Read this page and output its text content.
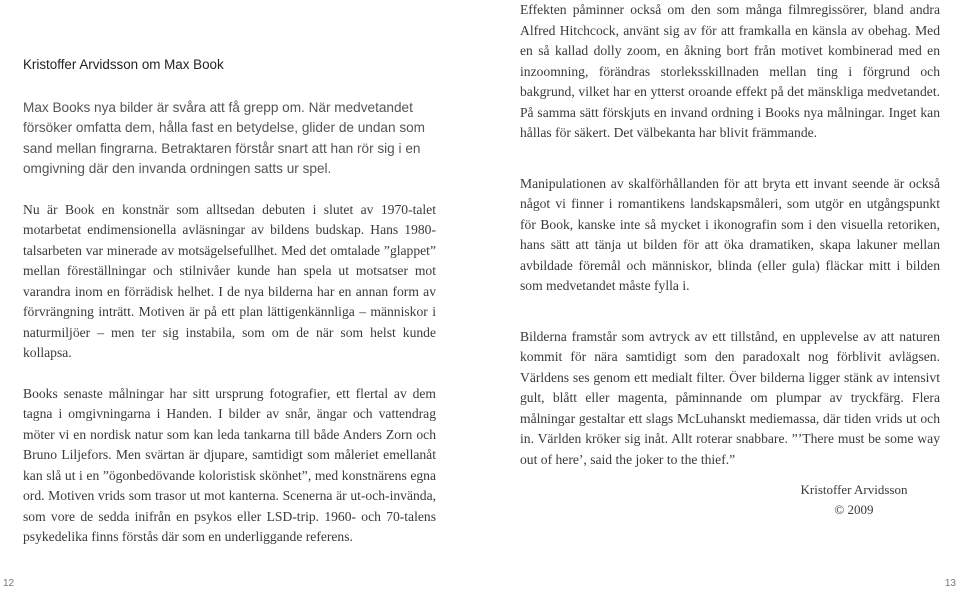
Kristoffer Arvidsson om Max Book

Max Books nya bilder är svåra att få grepp om. När medvetandet försöker omfatta dem, hålla fast en betydelse, glider de undan som sand mellan fingrarna. Betraktaren förstår snart att han rör sig i en omgivning där den invanda ordningen satts ur spel.

Nu är Book en konstnär som alltsedan debuten i slutet av 1970-talet motarbetat endimensionella avläsningar av bildens budskap. Hans 1980-talsarbeten var minerade av motsägelsefullhet. Med det omtalade ”glappet” mellan föreställningar och stilnivåer kunde han spela ut motsatser mot varandra inom en förrädisk helhet. I de nya bilderna har en annan form av förvrängning inträtt. Motiven är på ett plan lättigenkännliga – människor i naturmiljöer – men ter sig instabila, som om de när som helst kunde kollapsa.

Books senaste målningar har sitt ursprung fotografier, ett flertal av dem tagna i omgivningarna i Handen. I bilder av snår, ängar och vattendrag möter vi en nordisk natur som kan leda tankarna till både Anders Zorn och Bruno Liljefors. Men svärtan är djupare, samtidigt som måleriet emellanåt kan slå ut i en ”ögonbedövande koloristisk skönhet”, med konstnärens egna ord. Motiven vrids som trasor ut mot kanterna. Scenerna är ut-och-invända, som vore de sedda inifrån en psykos eller LSD-trip. 1960- och 70-talens psykedelika finns förstås där som en underliggande referens.

12

Effekten påminner också om den som många filmregissörer, bland andra Alfred Hitchcock, använt sig av för att framkalla en känsla av obehag. Med en så kallad dolly zoom, en åkning bort från motivet kombinerad med en inzoomning, förändras storleksskillnaden mellan ting i förgrund och bakgrund, vilket har en ytterst oroande effekt på det mänskliga medvetandet. På samma sätt förskjuts en invand ordning i Books nya målningar. Inget kan hållas för säkert. Det välbekanta har blivit främmande.

Manipulationen av skalförhållanden för att bryta ett invant seende är också något vi finner i romantikens landskapsmåleri, som utgör en utgångspunkt för Book, kanske inte så mycket i ikonografin som i den visuella retoriken, hans sätt att tänja ut bilden för att öka dramatiken, skapa lakuner mellan avbildade föremål och människor, blinda (eller gula) fläckar mitt i bilden som medvetandet måste fylla i.

Bilderna framstår som avtryck av ett tillstånd, en upplevelse av att naturen kommit för nära samtidigt som den paradoxalt nog förblivit avlägsen. Världens ses genom ett medialt filter. Över bilderna ligger stänk av intensivt gult, blått eller magenta, påminnande om plumpar av tryckfärg. Flera målningar gestaltar ett slags McLuhanskt mediemassa, där tiden vrids ut och in. Världen kröker sig inåt. Allt roterar snabbare. ”’There must be some way out of here’, said the joker to the thief.”

Kristoffer Arvidsson
© 2009
13
